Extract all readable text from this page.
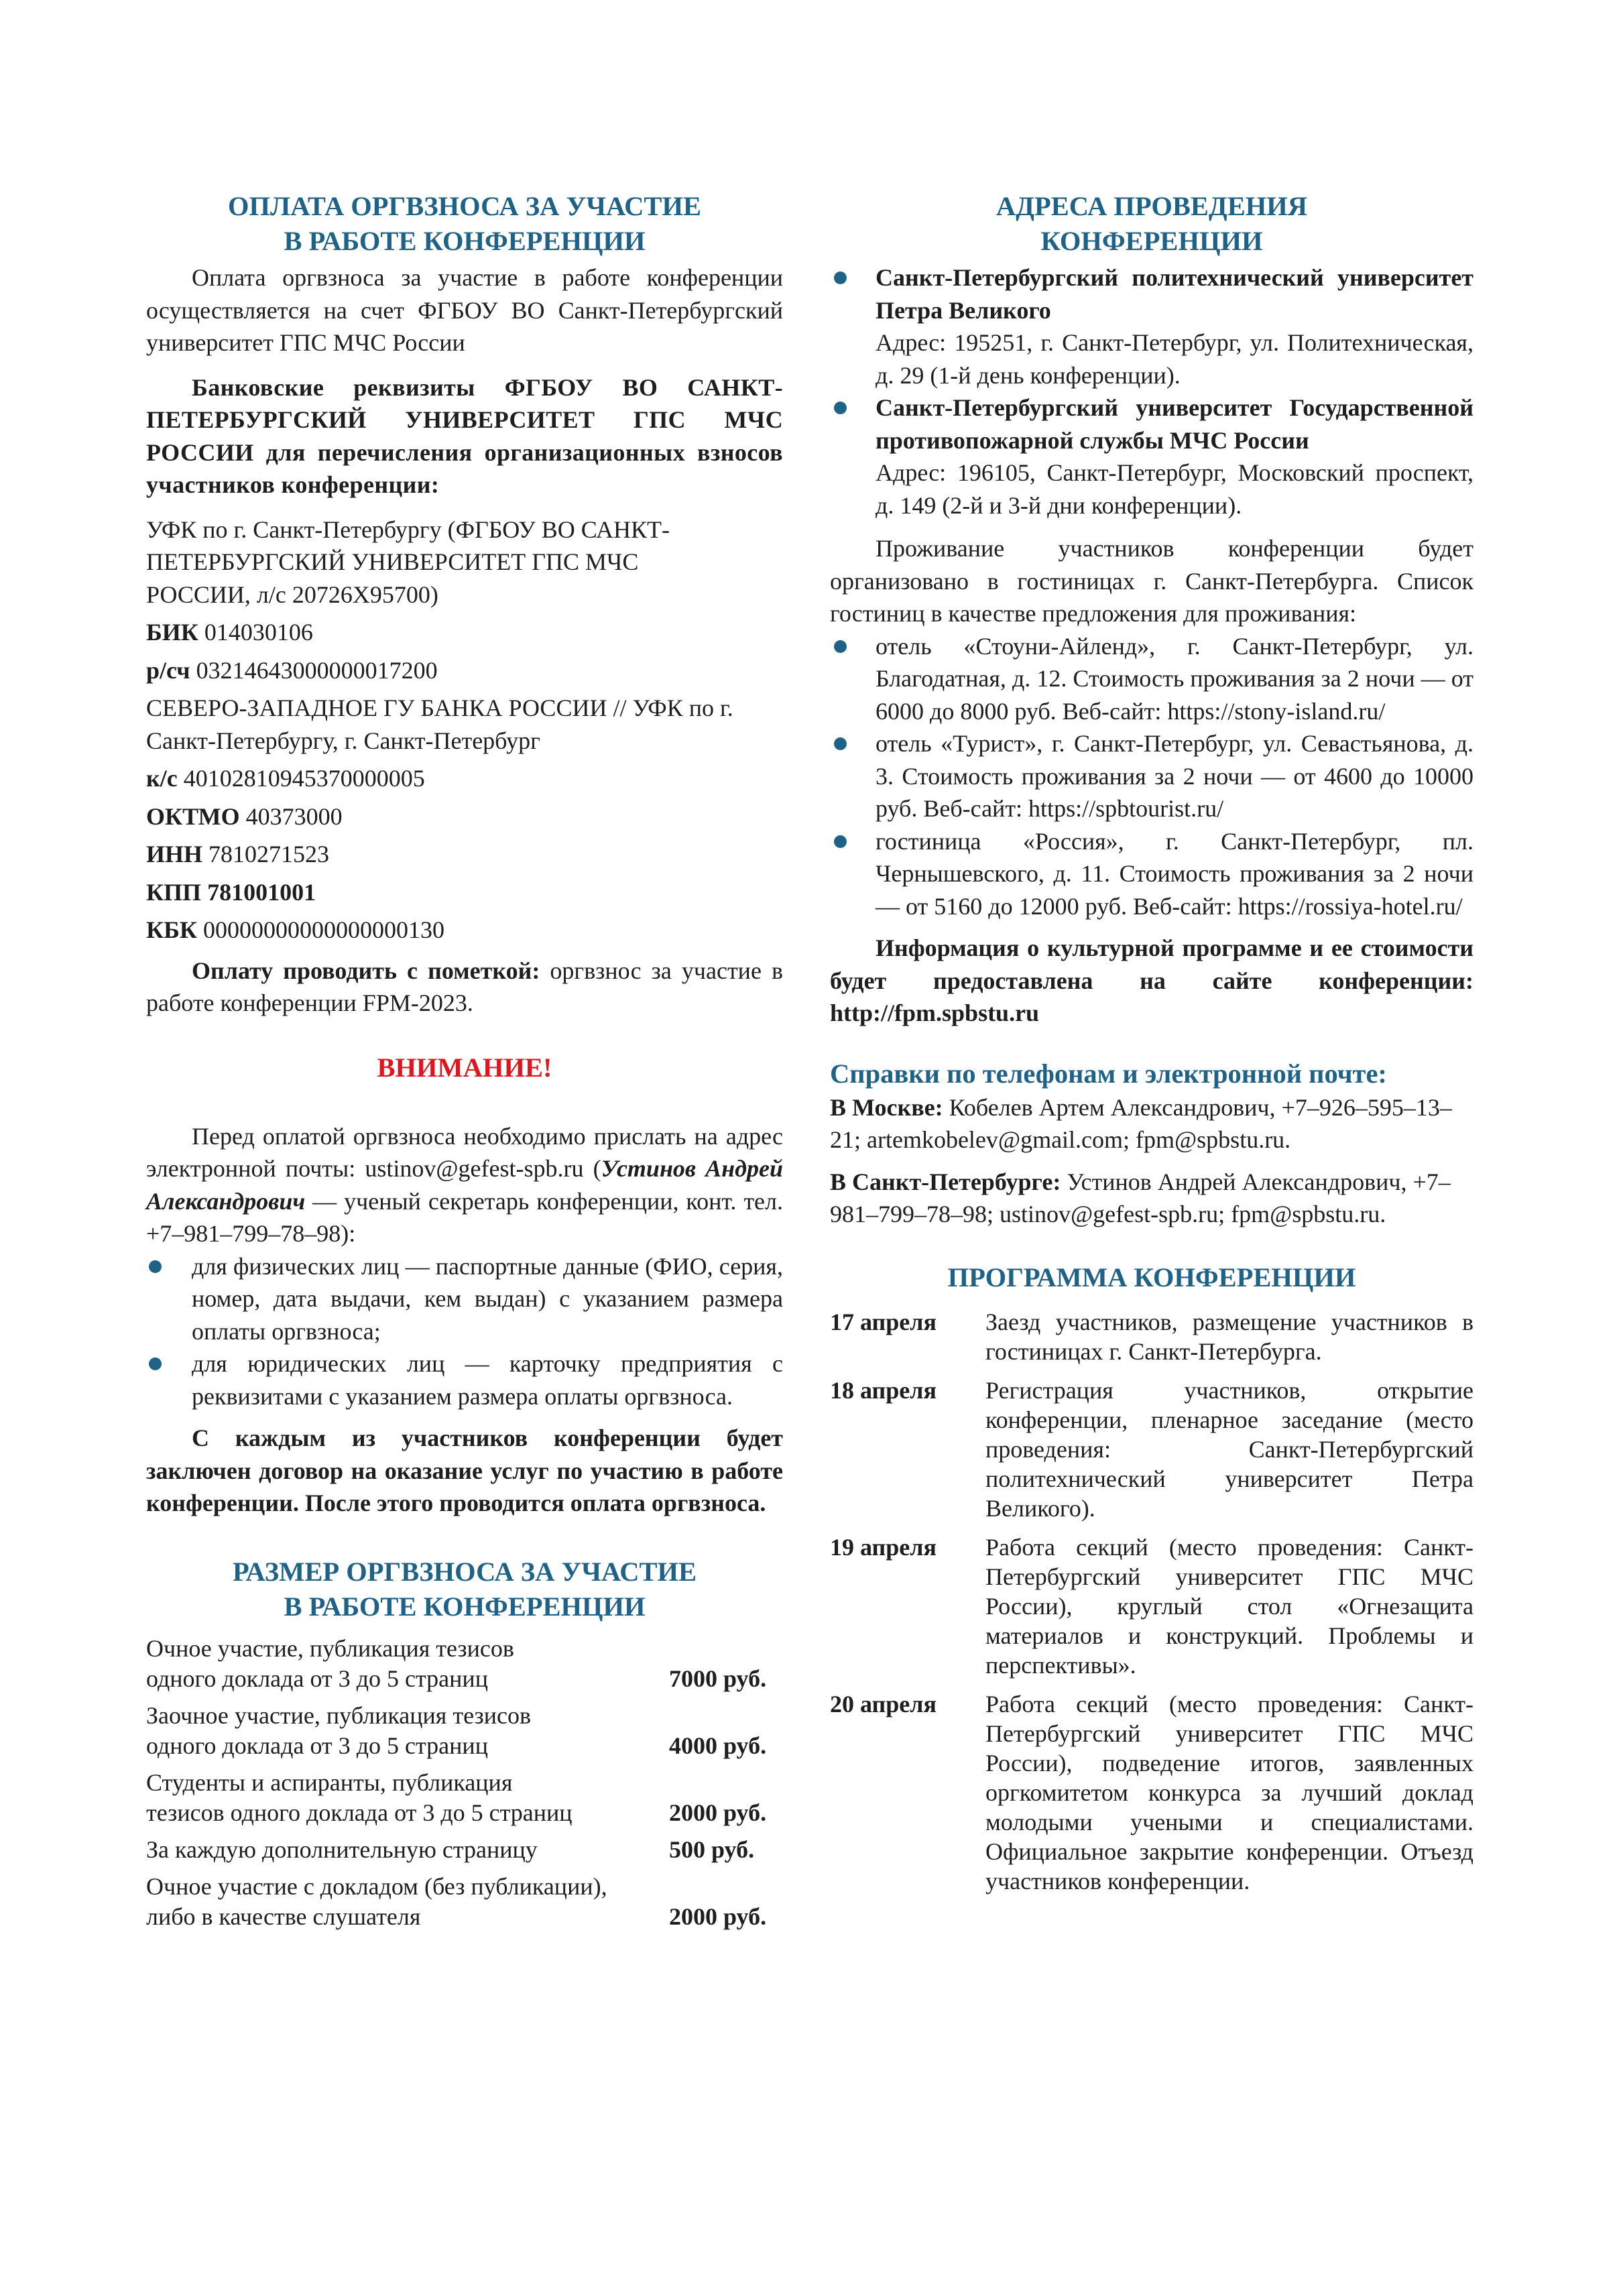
ОПЛАТА ОРГВЗНОСА ЗА УЧАСТИЕ
В РАБОТЕ КОНФЕРЕНЦИИ

Оплата оргвзноса за участие в работе конференции осуществляется на счет ФГБОУ ВО Санкт-Петербургский университет ГПС МЧС России

Банковские реквизиты ФГБОУ ВО САНКТ-ПЕТЕРБУРГСКИЙ УНИВЕРСИТЕТ ГПС МЧС РОССИИ для перечисления организационных взносов участников конференции:

УФК по г. Санкт-Петербургу (ФГБОУ ВО САНКТ-ПЕТЕРБУРГСКИЙ УНИВЕРСИТЕТ ГПС МЧС РОССИИ, л/с 20726Х95700)

БИК 014030106

р/сч 03214643000000017200

СЕВЕРО-ЗАПАДНОЕ ГУ БАНКА РОССИИ // УФК по г. Санкт-Петербургу, г. Санкт-Петербург

к/с 40102810945370000005

ОКТМО 40373000

ИНН 7810271523

КПП 781001001

КБК 00000000000000000130

Оплату проводить с пометкой: оргвзнос за участие в работе конференции FPM-2023.

ВНИМАНИЕ!

Перед оплатой оргвзноса необходимо прислать на адрес электронной почты: ustinov@gefest-spb.ru (Устинов Андрей Александрович — ученый секретарь конференции, конт. тел. +7–981–799–78–98):

для физических лиц — паспортные данные (ФИО, серия, номер, дата выдачи, кем выдан) с указанием размера оплаты оргвзноса;
для юридических лиц — карточку предприятия с реквизитами с указанием размера оплаты оргвзноса.

С каждым из участников конференции будет заключен договор на оказание услуг по участию в работе конференции. После этого проводится оплата оргвзноса.

РАЗМЕР ОРГВЗНОСА ЗА УЧАСТИЕ
В РАБОТЕ КОНФЕРЕНЦИИ
Очное участие, публикация тезисов
одного доклада от 3 до 5 страниц	7000 руб.
Заочное участие, публикация тезисов
одного доклада от 3 до 5 страниц	4000 руб.
Студенты и аспиранты, публикация
тезисов одного доклада от 3 до 5 страниц	2000 руб.
За каждую дополнительную страницу	500 руб.
Очное участие с докладом (без публикации),
либо в качестве слушателя	2000 руб.
АДРЕСА ПРОВЕДЕНИЯ
КОНФЕРЕНЦИИ
Санкт-Петербургский политехнический университет Петра Великого
Адрес: 195251, г. Санкт-Петербург, ул. Политехническая, д. 29 (1-й день конференции).
Санкт-Петербургский университет Государственной противопожарной службы МЧС России
Адрес: 196105, Санкт-Петербург, Московский проспект, д. 149 (2-й и 3-й дни конференции).

Проживание участников конференции будет организовано в гостиницах г. Санкт-Петербурга. Список гостиниц в качестве предложения для проживания:

отель «Стоуни-Айленд», г. Санкт-Петербург, ул. Благодатная, д. 12. Стоимость проживания за 2 ночи — от 6000 до 8000 руб. Веб-сайт: https://stony-island.ru/
отель «Турист», г. Санкт-Петербург, ул. Севастьянова, д. 3. Стоимость проживания за 2 ночи — от 4600 до 10000 руб. Веб-сайт: https://spbtourist.ru/
гостиница «Россия», г. Санкт-Петербург, пл. Чернышевского, д. 11. Стоимость проживания за 2 ночи — от 5160 до 12000 руб. Веб-сайт: https://rossiya-hotel.ru/

Информация о культурной программе и ее стоимости будет предоставлена на сайте конференции: http://fpm.spbstu.ru

Справки по телефонам и электронной почте:

В Москве: Кобелев Артем Александрович, +7–926–595–13–21; artemkobelev@gmail.com; fpm@spbstu.ru.

В Санкт-Петербурге: Устинов Андрей Александрович, +7–981–799–78–98; ustinov@gefest-spb.ru; fpm@spbstu.ru.

ПРОГРАММА КОНФЕРЕНЦИИ
17 апреля	Заезд участников, размещение участников в гостиницах г. Санкт-Петербурга.
18 апреля	Регистрация участников, открытие конференции, пленарное заседание (место проведения: Санкт-Петербургский политехнический университет Петра Великого).
19 апреля	Работа секций (место проведения: Санкт-Петербургский университет ГПС МЧС России), круглый стол «Огнезащита материалов и конструкций. Проблемы и перспективы».
20 апреля	Работа секций (место проведения: Санкт-Петербургский университет ГПС МЧС России), подведение итогов, заявленных оргкомитетом конкурса за лучший доклад молодыми учеными и специалистами. Официальное закрытие конференции. Отъезд участников конференции.
